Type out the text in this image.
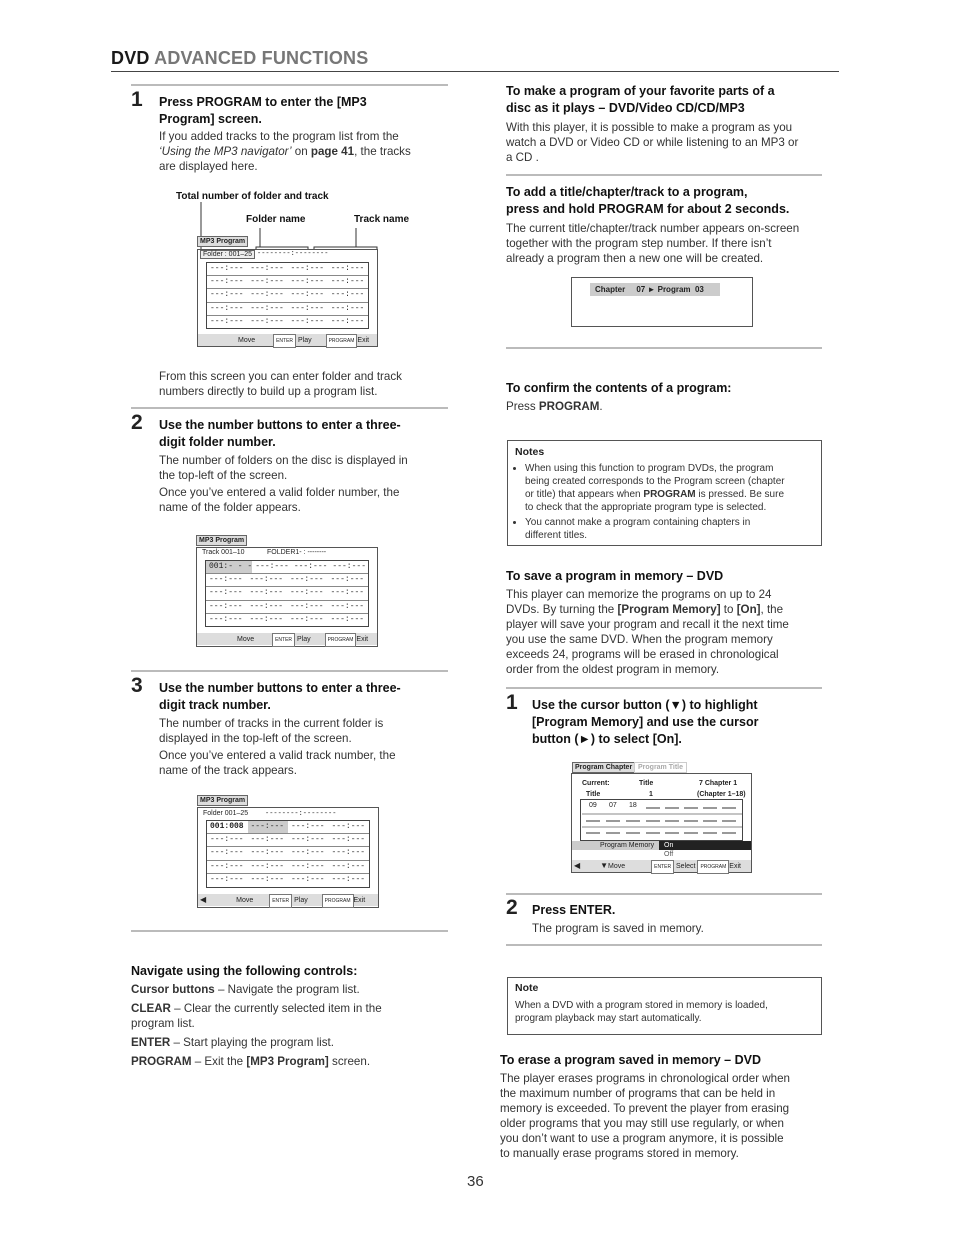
DVD ADVANCED FUNCTIONS
1 Press PROGRAM to enter the [MP3
Program] screen.
If you added tracks to the program list from the
‘Using the MP3 navigator’ on page 41, the tracks
are displayed here.
Total number of folder and track
Folder name	Track name
MP3 Program
Folder : 001–25 --------:--------
---:--- ---:--- ---:--- ---:---
---:--- ---:--- ---:--- ---:---
---:--- ---:--- ---:--- ---:---
---:--- ---:--- ---:--- ---:---
---:--- ---:--- ---:--- ---:---
Move	ENTER Play	PROGRAM Exit
From this screen you can enter folder and track
numbers directly to build up a program list.
2 Use the number buttons to enter a three-
digit folder number.
The number of folders on the disc is displayed in
the top-left of the screen.
Once you’ve entered a valid folder number, the
name of the folder appears.
MP3 Program
Track 001–10	FOLDER1- : --------
001:- - - ---:--- ---:--- ---:---
---:--- ---:--- ---:--- ---:---
---:--- ---:--- ---:--- ---:---
---:--- ---:--- ---:--- ---:---
---:--- ---:--- ---:--- ---:---
Move	ENTER Play	PROGRAM Exit
3 Use the number buttons to enter a three-
digit track number.
The number of tracks in the current folder is
displayed in the top-left of the screen.
Once you’ve entered a valid track number, the
name of the track appears.
MP3 Program
Folder 001–25 --------:--------
001:008 ---:--- ---:--- ---:---
---:--- ---:--- ---:--- ---:---
---:--- ---:--- ---:--- ---:---
---:--- ---:--- ---:--- ---:---
---:--- ---:--- ---:--- ---:---
◀	Move	ENTER Play	PROGRAM Exit
Navigate using the following controls:
Cursor buttons – Navigate the program list.
CLEAR – Clear the currently selected item in the
program list.
ENTER – Start playing the program list.
PROGRAM – Exit the [MP3 Program] screen.
To make a program of your favorite parts of a
disc as it plays – DVD/Video CD/CD/MP3
With this player, it is possible to make a program as you
watch a DVD or Video CD or while listening to an MP3 or
a CD .
To add a title/chapter/track to a program,
press and hold PROGRAM for about 2 seconds.
The current title/chapter/track number appears on-screen
together with the program step number. If there isn’t
already a program then a new one will be created.
Chapter     07 ► Program  03
To confirm the contents of a program:
Press PROGRAM.
Notes
• When using this function to program DVDs, the program
being created corresponds to the Program screen (chapter
or title) that appears when PROGRAM is pressed. Be sure
to check that the appropriate program type is selected.
• You cannot make a program containing chapters in
different titles.
To save a program in memory – DVD
This player can memorize the programs on up to 24
DVDs. By turning the [Program Memory] to [On], the
player will save your program and recall it the next time
you use the same DVD. When the program memory
exceeds 24, programs will be erased in chronological
order from the oldest program in memory.
1 Use the cursor button (▼) to highlight
[Program Memory] and use the cursor
button (►) to select [On].
Program Chapter Program Title
Current:
Title
Title	7 Chapter 1
1	(Chapter 1–18)
09 07 18
Program Memory	On
Off
◀ ▼Move	ENTER Select PROGRAM Exit
2 Press ENTER.
The program is saved in memory.
Note
When a DVD with a program stored in memory is loaded,
program playback may start automatically.
To erase a program saved in memory – DVD
The player erases programs in chronological order when
the maximum number of programs that can be held in
memory is exceeded. To prevent the player from erasing
older programs that you may still use regularly, or when
you don’t want to use a program anymore, it is possible
to manually erase programs stored in memory.
36
